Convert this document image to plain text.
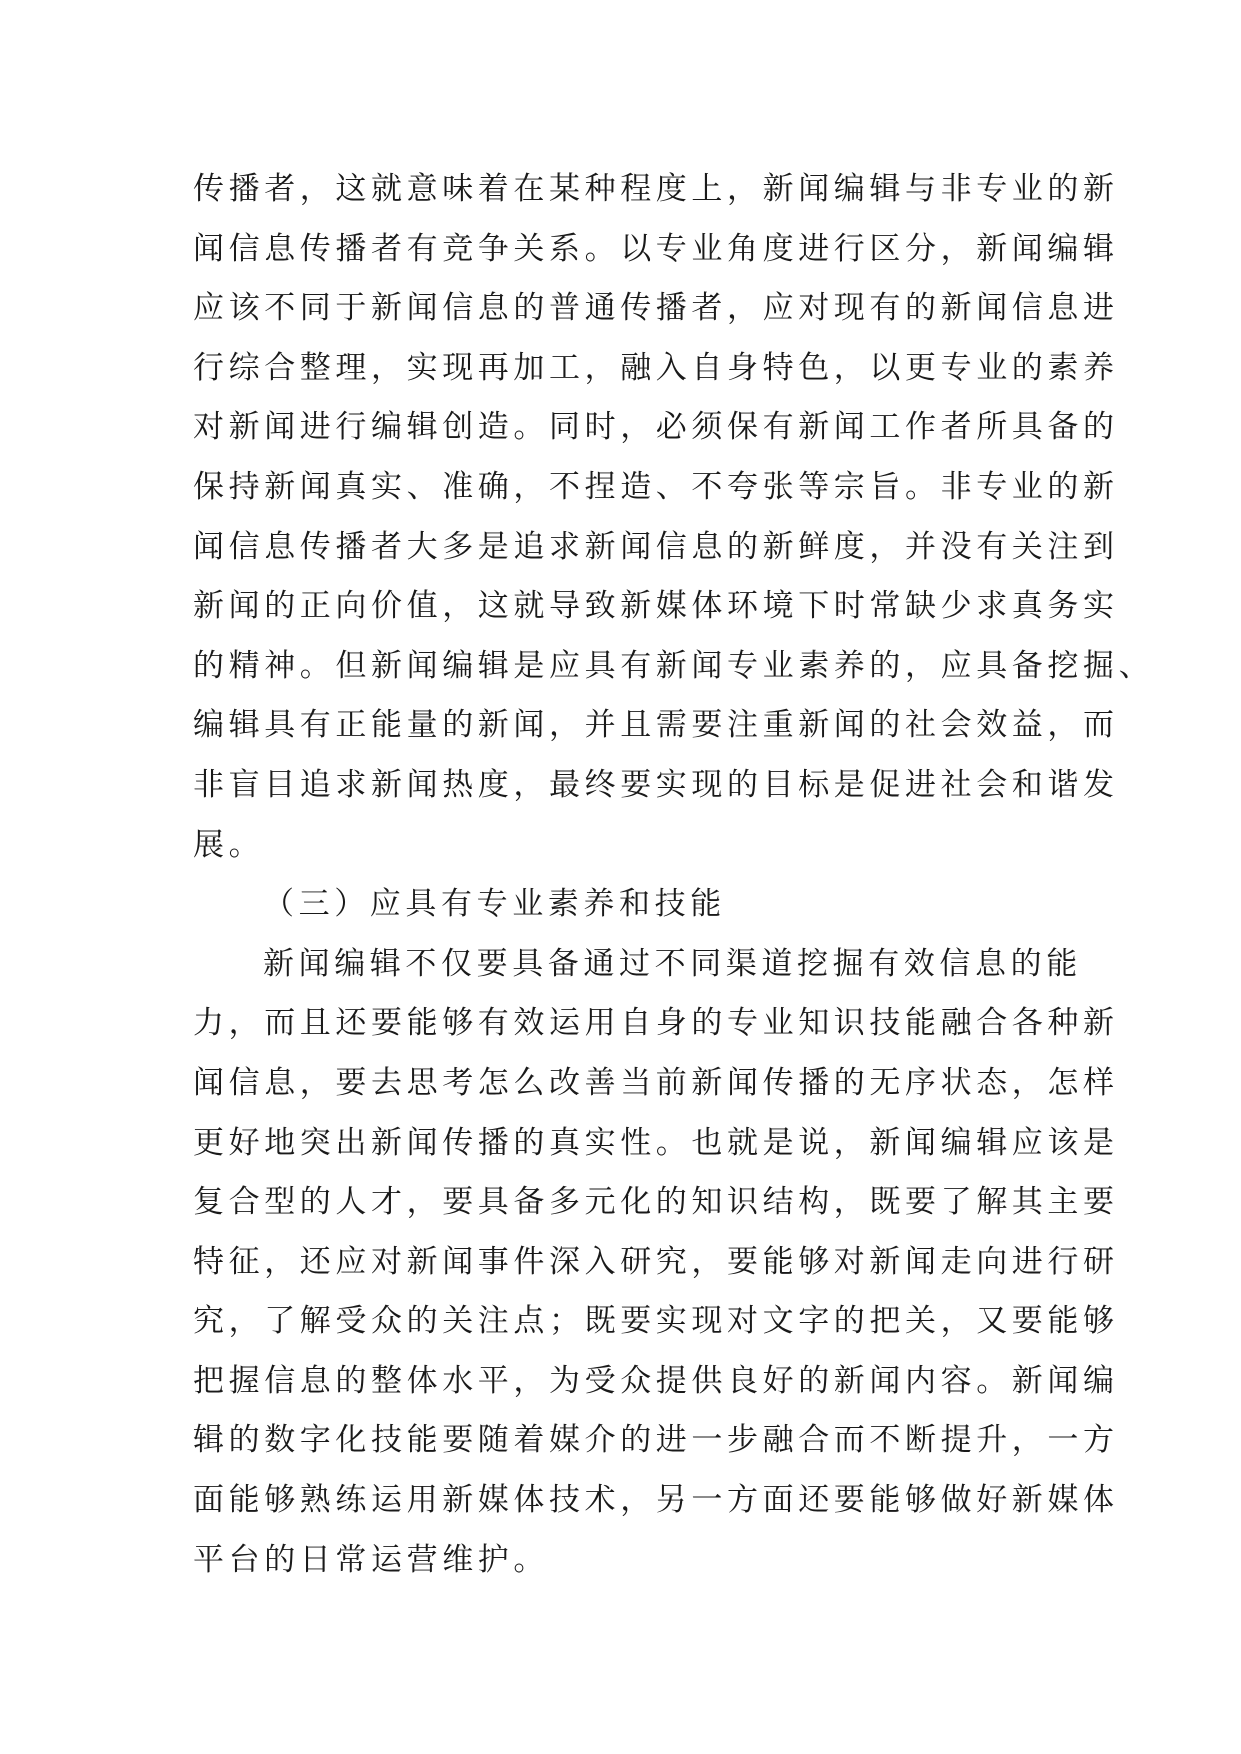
传播者，这就意味着在某种程度上，新闻编辑与非专业的新
闻信息传播者有竞争关系。以专业角度进行区分，新闻编辑
应该不同于新闻信息的普通传播者，应对现有的新闻信息进
行综合整理，实现再加工，融入自身特色，以更专业的素养
对新闻进行编辑创造。同时，必须保有新闻工作者所具备的
保持新闻真实、准确，不捏造、不夸张等宗旨。非专业的新
闻信息传播者大多是追求新闻信息的新鲜度，并没有关注到
新闻的正向价值，这就导致新媒体环境下时常缺少求真务实
的精神。但新闻编辑是应具有新闻专业素养的，应具备挖掘、
编辑具有正能量的新闻，并且需要注重新闻的社会效益，而
非盲目追求新闻热度，最终要实现的目标是促进社会和谐发
展。
（三）应具有专业素养和技能
新闻编辑不仅要具备通过不同渠道挖掘有效信息的能
力，而且还要能够有效运用自身的专业知识技能融合各种新
闻信息，要去思考怎么改善当前新闻传播的无序状态，怎样
更好地突出新闻传播的真实性。也就是说，新闻编辑应该是
复合型的人才，要具备多元化的知识结构，既要了解其主要
特征，还应对新闻事件深入研究，要能够对新闻走向进行研
究，了解受众的关注点；既要实现对文字的把关，又要能够
把握信息的整体水平，为受众提供良好的新闻内容。新闻编
辑的数字化技能要随着媒介的进一步融合而不断提升，一方
面能够熟练运用新媒体技术，另一方面还要能够做好新媒体
平台的日常运营维护。
